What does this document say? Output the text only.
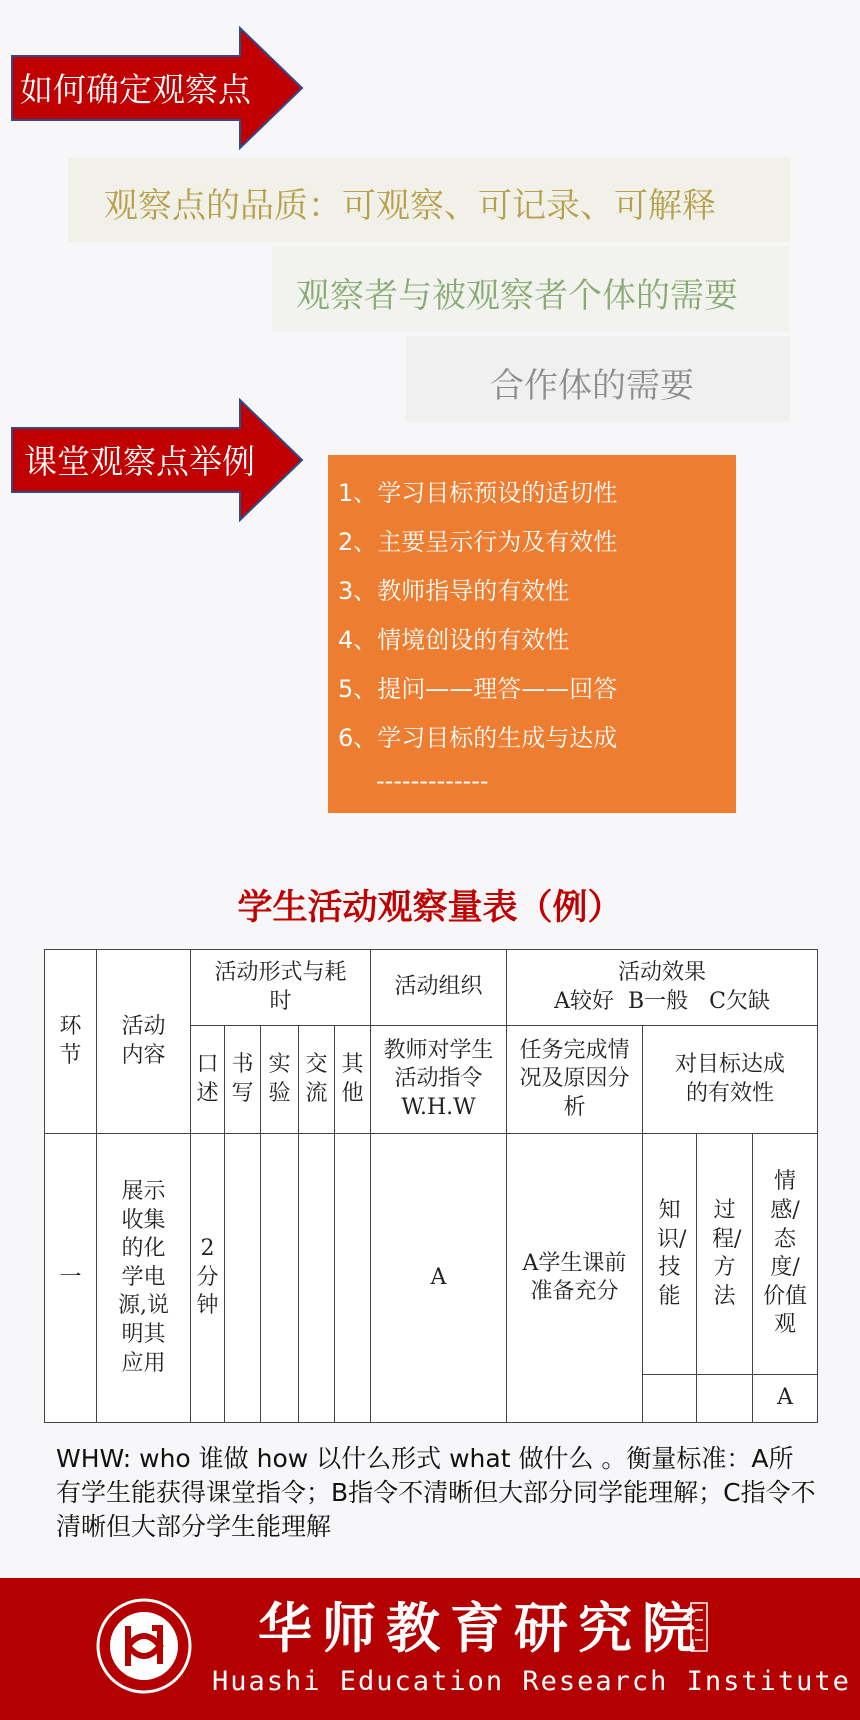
如何确定观察点
观察点的品质：可观察、可记录、可解释
观察者与被观察者个体的需要
合作体的需要
课堂观察点举例
1、学习目标预设的适切性
2、主要呈示行为及有效性
3、教师指导的有效性
4、情境创设的有效性
5、提问——理答——回答
6、学习目标的生成与达成
-------------
学生活动观察量表（例）
环节	活动内容	活动形式与耗时					活动组织	活动效果
A较好  B一般   C欠缺			

		口述	书写	实验	交流	其他	教师对学生活动指令 W.H.W	任务完成情况及原因分析	对目标达成的有效性		
一	展示收集的化学电源,说明其应用	2分钟					A	A学生课前准备充分	知识/技能	过程/方法	情感/态度/价值观
											A
WHW: who 谁做 how 以什么形式 what 做什么 。衡量标准：A所有学生能获得课堂指令；B指令不清晰但大部分同学能理解；C指令不清晰但大部分学生能理解
华师教育研究院
Huashi Education Research Institute
